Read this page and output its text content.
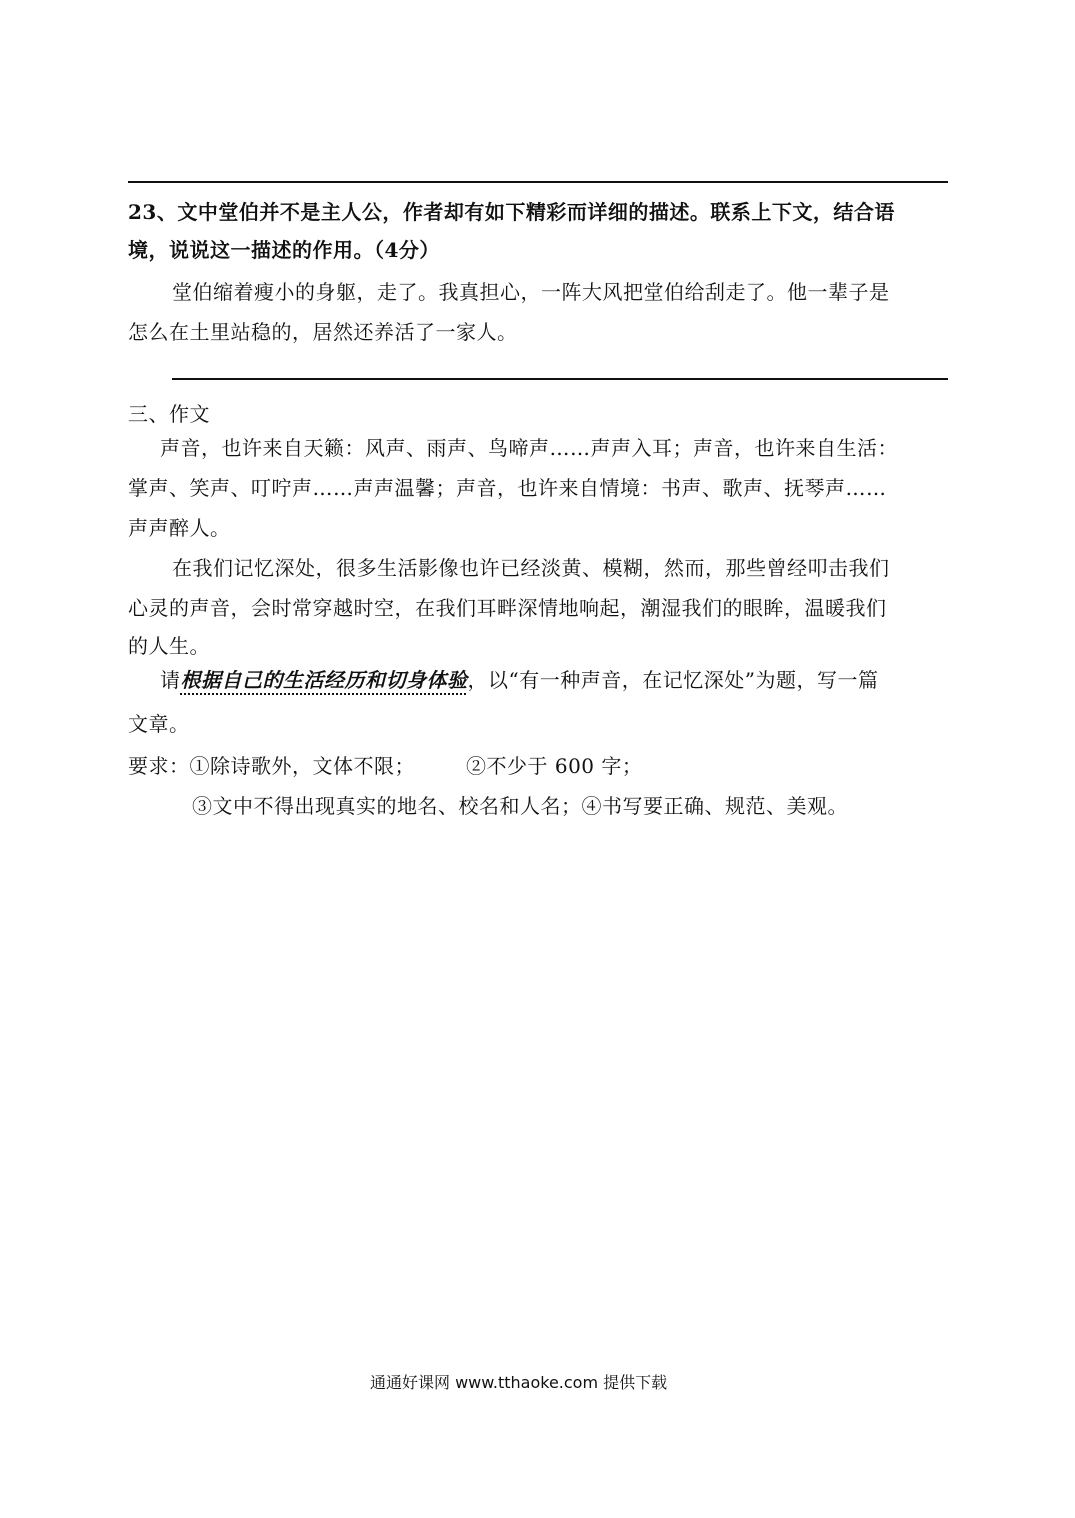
23、文中堂伯并不是主人公，作者却有如下精彩而详细的描述。联系上下文，结合语
境，说说这一描述的作用。（4分）
堂伯缩着瘦小的身躯，走了。我真担心，一阵大风把堂伯给刮走了。他一辈子是
怎么在土里站稳的，居然还养活了一家人。
三、作文
声音，也许来自天籁：风声、雨声、鸟啼声……声声入耳；声音，也许来自生活：
掌声、笑声、叮咛声……声声温馨；声音，也许来自情境：书声、歌声、抚琴声……
声声醉人。
在我们记忆深处，很多生活影像也许已经淡黄、模糊，然而，那些曾经叩击我们
心灵的声音，会时常穿越时空，在我们耳畔深情地响起，潮湿我们的眼眸，温暖我们
的人生。
请根据自己的生活经历和切身体验，以“有一种声音，在记忆深处”为题，写一篇
文章。
要求：①除诗歌外，文体不限；	②不少于 600 字；
③文中不得出现真实的地名、校名和人名；④书写要正确、规范、美观。
通通好课网 www.tthaoke.com 提供下载
